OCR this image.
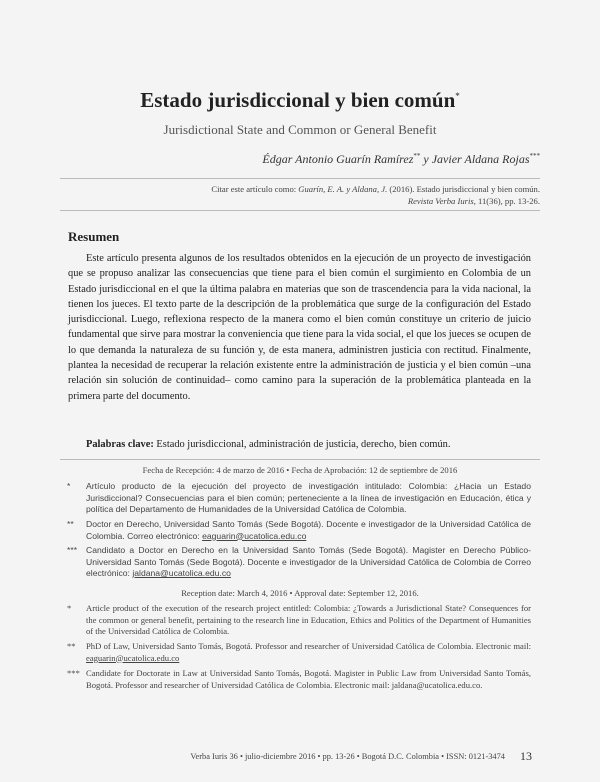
Estado jurisdiccional y bien común*
Jurisdictional State and Common or General Benefit
Édgar Antonio Guarín Ramírez** y Javier Aldana Rojas***
Citar este artículo como: Guarín, E. A. y Aldana, J. (2016). Estado jurisdiccional y bien común.
Revista Verba Iuris, 11(36), pp. 13-26.
Resumen
Este artículo presenta algunos de los resultados obtenidos en la ejecución de un proyecto de investigación que se propuso analizar las consecuencias que tiene para el bien común el surgimiento en Colombia de un Estado jurisdiccional en el que la última palabra en materias que son de trascendencia para la vida nacional, la tienen los jueces. El texto parte de la descripción de la problemática que surge de la configuración del Estado jurisdiccional. Luego, reflexiona respecto de la manera como el bien común constituye un criterio de juicio fundamental que sirve para mostrar la conveniencia que tiene para la vida social, el que los jueces se ocupen de lo que demanda la naturaleza de su función y, de esta manera, administren justicia con rectitud. Finalmente, plantea la necesidad de recuperar la relación existente entre la administración de justicia y el bien común –una relación sin solución de continuidad– como camino para la superación de la problemática planteada en la primera parte del documento.
Palabras clave: Estado jurisdiccional, administración de justicia, derecho, bien común.
Fecha de Recepción: 4 de marzo de 2016 • Fecha de Aprobación: 12 de septiembre de 2016
*	Artículo producto de la ejecución del proyecto de investigación intitulado: Colombia: ¿Hacia un Estado Jurisdiccional? Consecuencias para el bien común; perteneciente a la línea de investigación en Educación, ética y política del Departamento de Humanidades de la Universidad Católica de Colombia.
**	Doctor en Derecho, Universidad Santo Tomás (Sede Bogotá). Docente e investigador de la Universidad Católica de Colombia. Correo electrónico: eaguarin@ucatolica.edu.co
***	Candidato a Doctor en Derecho en la Universidad Santo Tomás (Sede Bogotá). Magister en Derecho Público- Universidad Santo Tomás (Sede Bogotá). Docente e investigador de la Universidad Católica de Colombia de Correo electrónico: jaldana@ucatolica.edu.co
Reception date: March 4, 2016 • Approval date: September 12, 2016.
*	Article product of the execution of the research project entitled: Colombia: ¿Towards a Jurisdictional State? Consequences for the common or general benefit, pertaining to the research line in Education, Ethics and Politics of the Department of Humanities of the Universidad Católica de Colombia.
**	PhD of Law, Universidad Santo Tomás, Bogotá. Professor and researcher of Universidad Católica de Colombia. Electronic mail: eaguarin@ucatolica.edu.co
*** Candidate for Doctorate in Law at Universidad Santo Tomás, Bogotá. Magister in Public Law from Universidad Santo Tomás, Bogotá. Professor and researcher of Universidad Católica de Colombia. Electronic mail: jaldana@ucatolica.edu.co.
Verba Iuris 36 • julio-diciembre 2016 • pp. 13-26 • Bogotá D.C. Colombia • ISSN: 0121-3474 13
